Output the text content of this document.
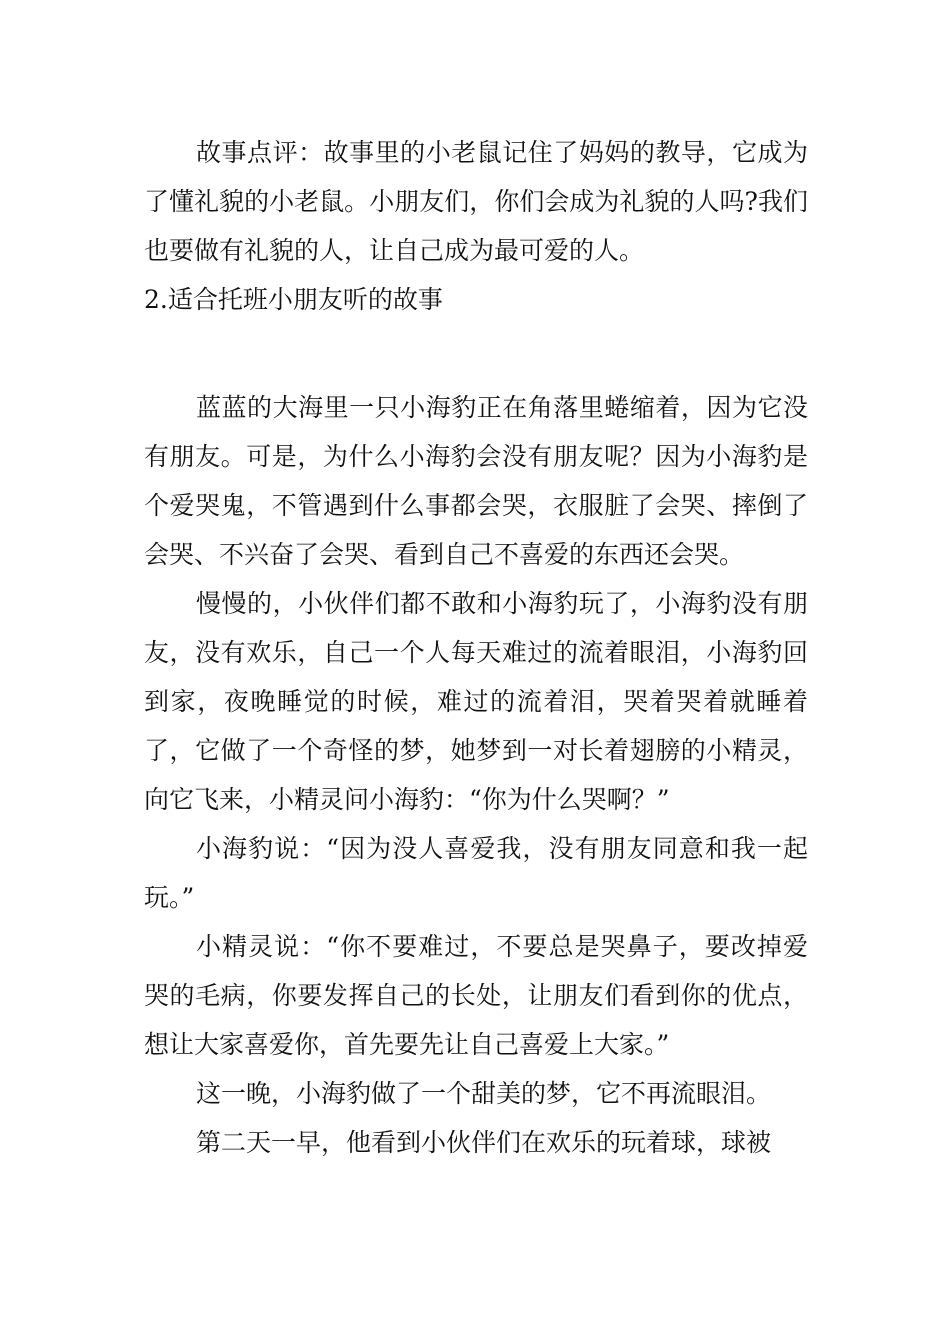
故事点评：故事里的小老鼠记住了妈妈的教导，它成为了懂礼貌的小老鼠。小朋友们，你们会成为礼貌的人吗?我们也要做有礼貌的人，让自己成为最可爱的人。

2.适合托班小朋友听的故事

蓝蓝的大海里一只小海豹正在角落里蜷缩着，因为它没有朋友。可是，为什么小海豹会没有朋友呢？因为小海豹是个爱哭鬼，不管遇到什么事都会哭，衣服脏了会哭、摔倒了会哭、不兴奋了会哭、看到自己不喜爱的东西还会哭。

慢慢的，小伙伴们都不敢和小海豹玩了，小海豹没有朋友，没有欢乐，自己一个人每天难过的流着眼泪，小海豹回到家，夜晚睡觉的时候，难过的流着泪，哭着哭着就睡着了，它做了一个奇怪的梦，她梦到一对长着翅膀的小精灵，向它飞来，小精灵问小海豹：“你为什么哭啊？”

小海豹说：“因为没人喜爱我，没有朋友同意和我一起玩。”

小精灵说：“你不要难过，不要总是哭鼻子，要改掉爱哭的毛病，你要发挥自己的长处，让朋友们看到你的优点，想让大家喜爱你，首先要先让自己喜爱上大家。”

这一晚，小海豹做了一个甜美的梦，它不再流眼泪。

第二天一早，他看到小伙伴们在欢乐的玩着球，球被
